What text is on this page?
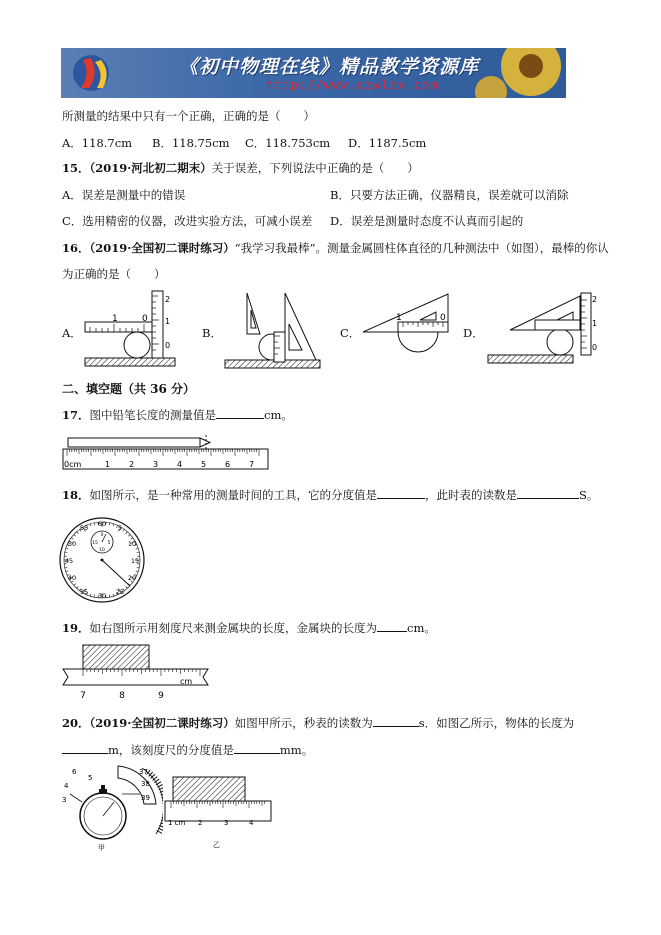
《初中物理在线》精品教学资源库
http://www.czwlzx.com
所测量的结果中只有一个正确，正确的是（　　）
A．118.7cm B．118.75cm C．118.753cm D．1187.5cm
15．（2019·河北初二期末）关于误差，下列说法中正确的是（　　）
A．误差是测量中的错误	B．只要方法正确，仪器精良，误差就可以消除
C．选用精密的仪器，改进实验方法，可减小误差 D．误差是测量时态度不认真而引起的
16．（2019·全国初二课时练习）“我学习我最棒”。测量金属圆柱体直径的几种测法中（如图），最棒的你认
为正确的是（　　）
A．	B．	C．	D．
1	0
2
1
0
1	0
2
1
0
二、填空题（共 36 分）
17．图中铅笔长度的测量值是	cm。
0cm	1 2 3 4 5 6 7
18．如图所示，是一种常用的测量时间的工具，它的分度值是	，此时表的读数是	S。
60
55	5
50	10
45	15
40	20
35 30 25
0
15 5
10
19．如右图所示用刻度尺来测金属块的长度，金属块的长度为	cm。
7	8	9
cm
20．（2019·全国初二课时练习）如图甲所示，秒表的读数为	s．如图乙所示，物体的长度为
m，该刻度尺的分度值是	mm。
6	37
38
39
5
4
3
甲
1 cm 2	3	4
乙
